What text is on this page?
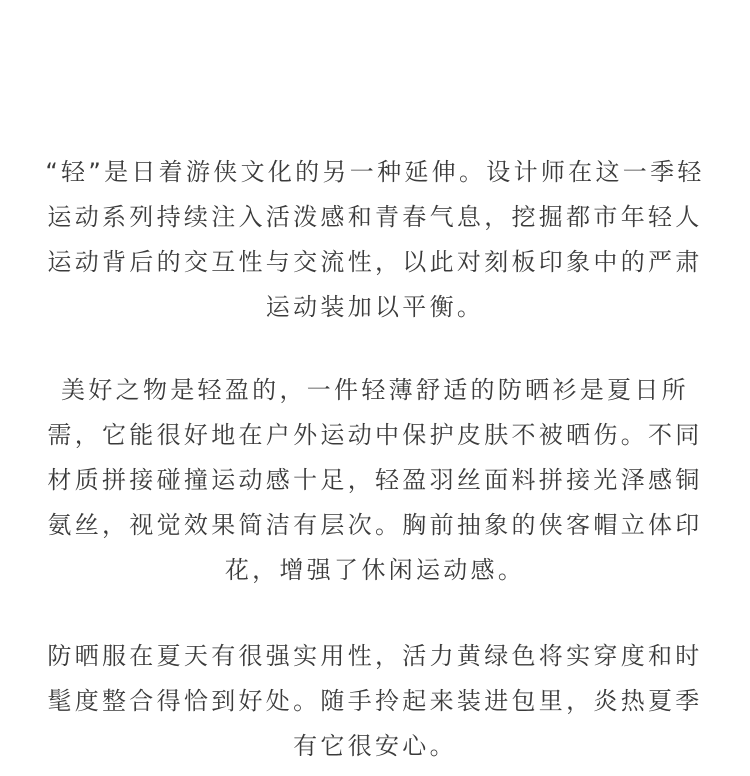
“轻”是日着游侠文化的另一种延伸。设计师在这一季轻
运动系列持续注入活泼感和青春气息，挖掘都市年轻人
运动背后的交互性与交流性，以此对刻板印象中的严肃
运动装加以平衡。

美好之物是轻盈的，一件轻薄舒适的防晒衫是夏日所
需，它能很好地在户外运动中保护皮肤不被晒伤。不同
材质拼接碰撞运动感十足，轻盈羽丝面料拼接光泽感铜
氨丝，视觉效果简洁有层次。胸前抽象的侠客帽立体印
花，增强了休闲运动感。

防晒服在夏天有很强实用性，活力黄绿色将实穿度和时
髦度整合得恰到好处。随手拎起来装进包里，炎热夏季
有它很安心。
